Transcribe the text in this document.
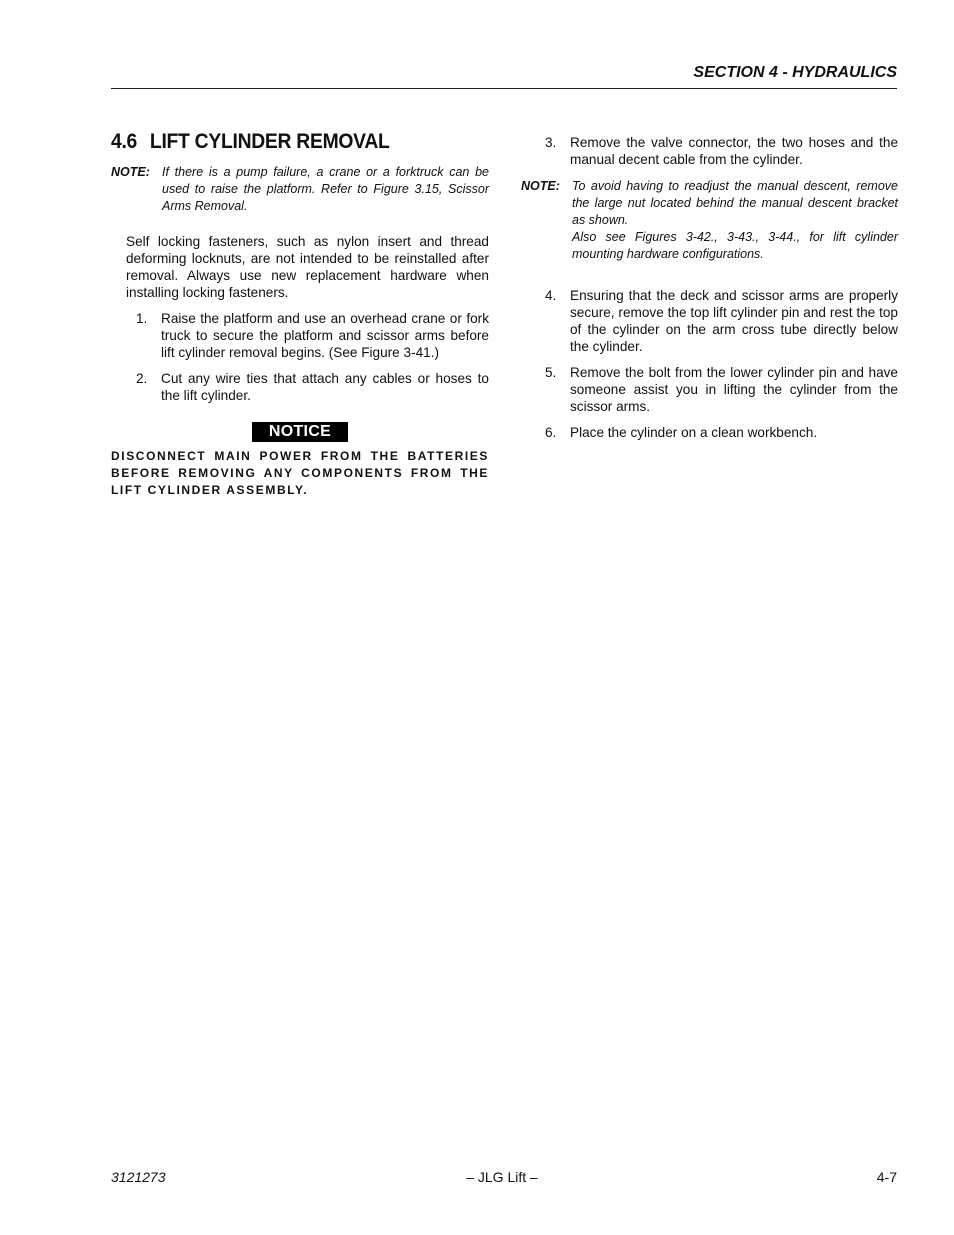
SECTION 4 - HYDRAULICS
4.6 LIFT CYLINDER REMOVAL
NOTE: If there is a pump failure, a crane or a forktruck can be used to raise the platform. Refer to Figure 3.15, Scissor Arms Removal.

Self locking fasteners, such as nylon insert and thread deforming locknuts, are not intended to be reinstalled after removal. Always use new replacement hardware when installing locking fasteners.

1.	Raise the platform and use an overhead crane or fork truck to secure the platform and scissor arms before lift cylinder removal begins. (See Figure 3-41.)
2.	Cut any wire ties that attach any cables or hoses to the lift cylinder.
NOTICE
DISCONNECT MAIN POWER FROM THE BATTERIES BEFORE REMOVING ANY COMPONENTS FROM THE LIFT CYLINDER ASSEMBLY.
3.	Remove the valve connector, the two hoses and the manual decent cable from the cylinder.
NOTE: To avoid having to readjust the manual descent, remove the large nut located behind the manual descent bracket as shown.

Also see Figures 3-42., 3-43., 3-44., for lift cylinder mounting hardware configurations.

4.	Ensuring that the deck and scissor arms are properly secure, remove the top lift cylinder pin and rest the top of the cylinder on the arm cross tube directly below the cylinder.
5.	Remove the bolt from the lower cylinder pin and have someone assist you in lifting the cylinder from the scissor arms.
6.	Place the cylinder on a clean workbench.
3121273	– JLG Lift –	4-7
